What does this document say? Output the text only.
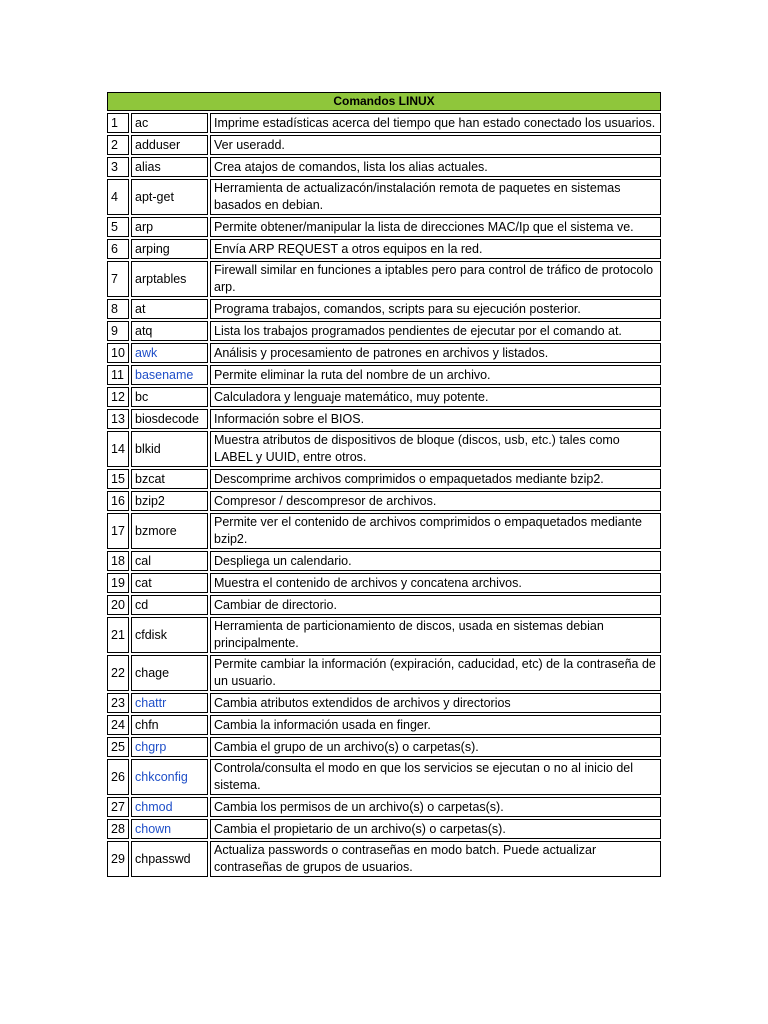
Comandos LINUX		
1	ac	Imprime estadísticas acerca del tiempo que han estado conectado los usuarios.
2	adduser	Ver useradd.
3	alias	Crea atajos de comandos, lista los alias actuales.
4	apt-get	Herramienta de actualizacón/instalación remota de paquetes en sistemas basados en debian.
5	arp	Permite obtener/manipular la lista de direcciones MAC/Ip que el sistema ve.
6	arping	Envía ARP REQUEST a otros equipos en la red.
7	arptables	Firewall similar en funciones a iptables pero para control de tráfico de protocolo arp.
8	at	Programa trabajos, comandos, scripts para su ejecución posterior.
9	atq	Lista los trabajos programados pendientes de ejecutar por el comando at.
10	awk	Análisis y procesamiento de patrones en archivos y listados.
11	basename	Permite eliminar la ruta del nombre de un archivo.
12	bc	Calculadora y lenguaje matemático, muy potente.
13	biosdecode	Información sobre el BIOS.
14	blkid	Muestra atributos de dispositivos de bloque (discos, usb, etc.) tales como LABEL y UUID, entre otros.
15	bzcat	Descomprime archivos comprimidos o empaquetados mediante bzip2.
16	bzip2	Compresor / descompresor de archivos.
17	bzmore	Permite ver el contenido de archivos comprimidos o empaquetados mediante bzip2.
18	cal	Despliega un calendario.
19	cat	Muestra el contenido de archivos y concatena archivos.
20	cd	Cambiar de directorio.
21	cfdisk	Herramienta de particionamiento de discos, usada en sistemas debian principalmente.
22	chage	Permite cambiar la información (expiración, caducidad, etc) de la contraseña de un usuario.
23	chattr	Cambia atributos extendidos de archivos y directorios
24	chfn	Cambia la información usada en finger.
25	chgrp	Cambia el grupo de un archivo(s) o carpetas(s).
26	chkconfig	Controla/consulta el modo en que los servicios se ejecutan o no al inicio del sistema.
27	chmod	Cambia los permisos de un archivo(s) o carpetas(s).
28	chown	Cambia el propietario de un archivo(s) o carpetas(s).
29	chpasswd	Actualiza passwords o contraseñas en modo batch. Puede actualizar contraseñas de grupos de usuarios.
